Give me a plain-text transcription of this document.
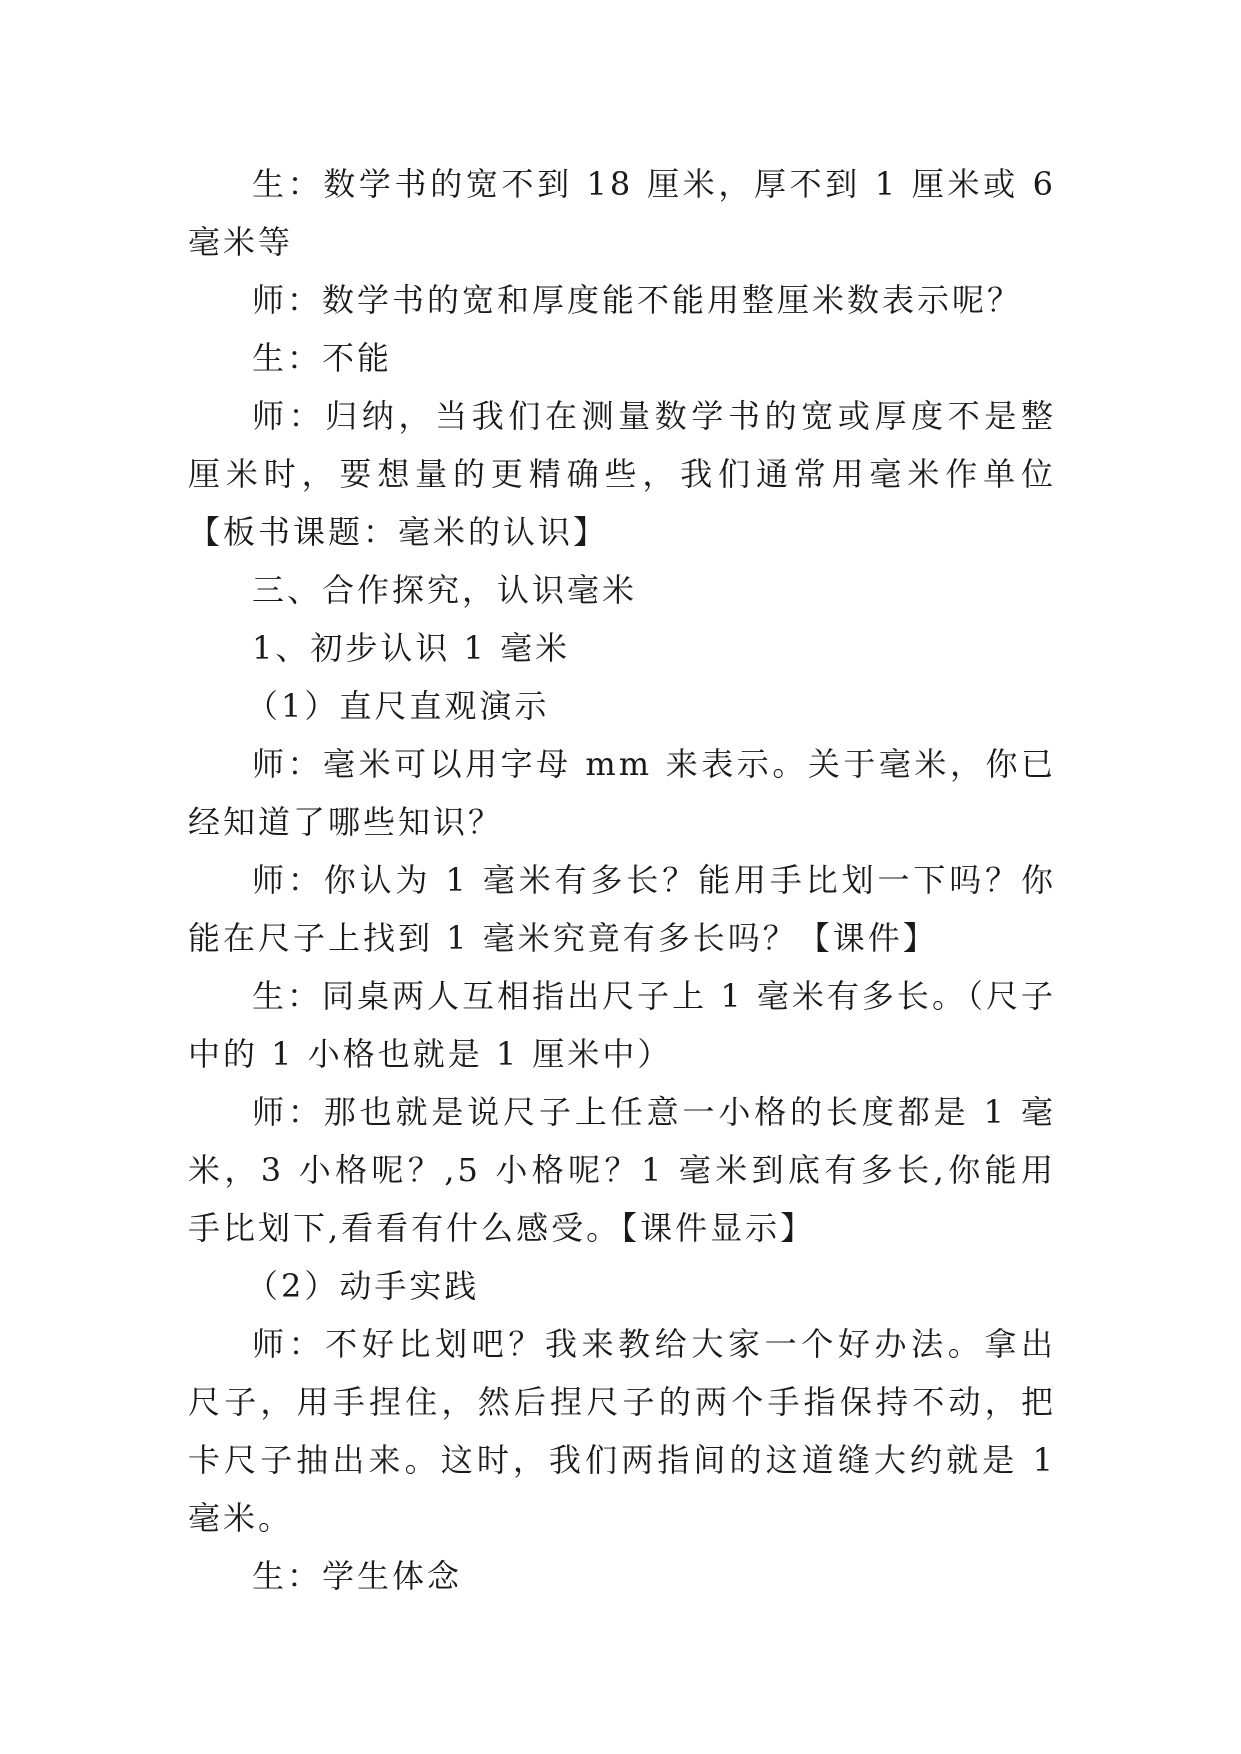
生：数学书的宽不到 18 厘米，厚不到 1 厘米或 6 毫米等

师：数学书的宽和厚度能不能用整厘米数表示呢？

生：不能

师：归纳，当我们在测量数学书的宽或厚度不是整厘米时，要想量的更精确些，我们通常用毫米作单位【板书课题：毫米的认识】

三、合作探究，认识毫米

1、初步认识 1 毫米

（1）直尺直观演示

师：毫米可以用字母 mm 来表示。关于毫米，你已经知道了哪些知识？

师：你认为 1 毫米有多长？能用手比划一下吗？你能在尺子上找到 1 毫米究竟有多长吗？【课件】

生：同桌两人互相指出尺子上 1 毫米有多长。（尺子中的 1 小格也就是 1 厘米中）

师：那也就是说尺子上任意一小格的长度都是 1 毫米，3 小格呢？,5 小格呢？1 毫米到底有多长,你能用手比划下,看看有什么感受。【课件显示】

（2）动手实践

师：不好比划吧？我来教给大家一个好办法。拿出尺子，用手捏住，然后捏尺子的两个手指保持不动，把卡尺子抽出来。这时，我们两指间的这道缝大约就是 1 毫米。

生：学生体念
